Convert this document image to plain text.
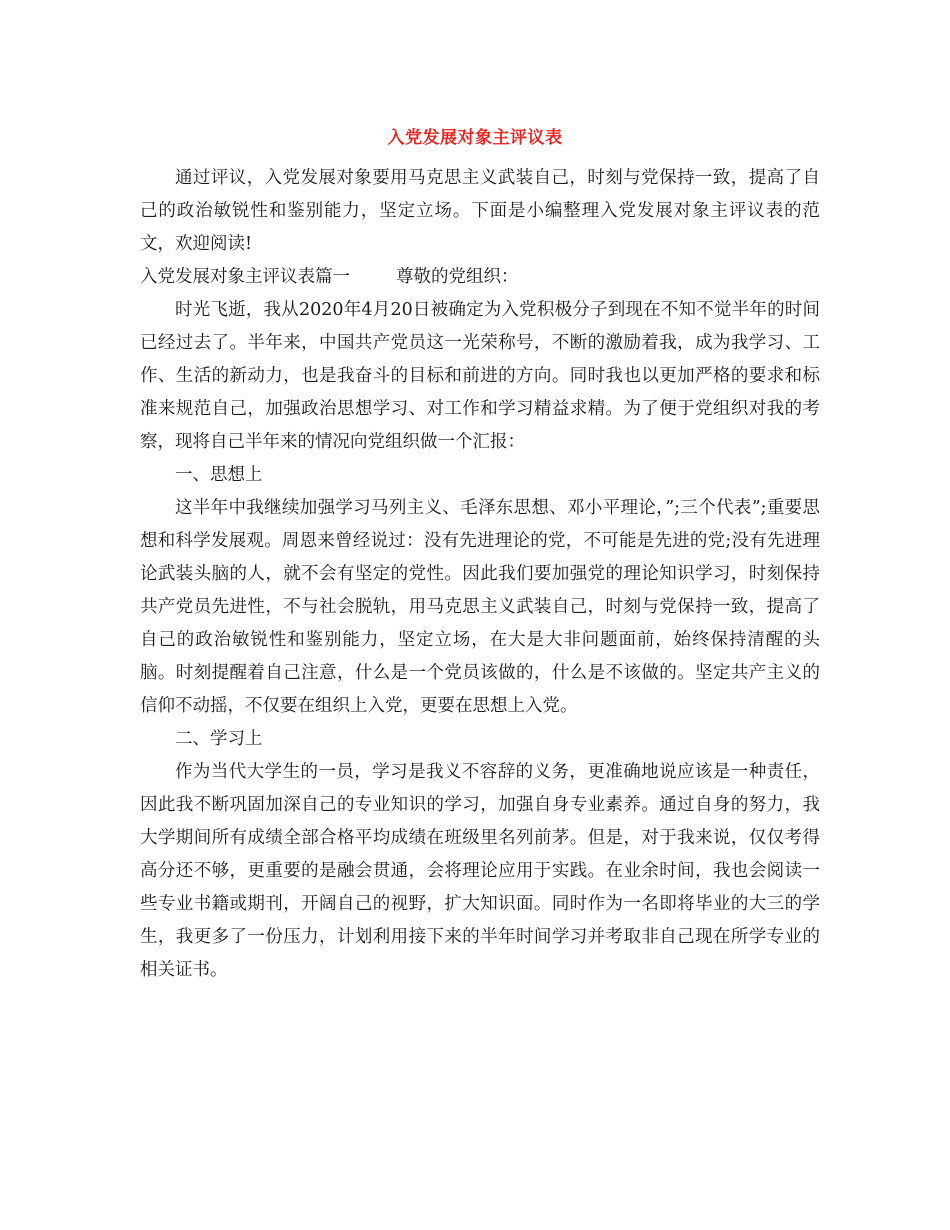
入党发展对象主评议表

通过评议，入党发展对象要用马克思主义武装自己，时刻与党保持一致，提高了自己的政治敏锐性和鉴别能力，坚定立场。下面是小编整理入党发展对象主评议表的范文，欢迎阅读!

入党发展对象主评议表篇一	尊敬的党组织：

时光飞逝，我从2020年4月20日被确定为入党积极分子到现在不知不觉半年的时间已经过去了。半年来，中国共产党员这一光荣称号，不断的激励着我，成为我学习、工作、生活的新动力，也是我奋斗的目标和前进的方向。同时我也以更加严格的要求和标准来规范自己，加强政治思想学习、对工作和学习精益求精。为了便于党组织对我的考察，现将自己半年来的情况向党组织做一个汇报：

一、思想上

这半年中我继续加强学习马列主义、毛泽东思想、邓小平理论，”;三个代表”;重要思想和科学发展观。周恩来曾经说过：没有先进理论的党，不可能是先进的党;没有先进理论武装头脑的人，就不会有坚定的党性。因此我们要加强党的理论知识学习，时刻保持共产党员先进性，不与社会脱轨，用马克思主义武装自己，时刻与党保持一致，提高了自己的政治敏锐性和鉴别能力，坚定立场，在大是大非问题面前，始终保持清醒的头脑。时刻提醒着自己注意，什么是一个党员该做的，什么是不该做的。坚定共产主义的信仰不动摇，不仅要在组织上入党，更要在思想上入党。

二、学习上

作为当代大学生的一员，学习是我义不容辞的义务，更准确地说应该是一种责任，因此我不断巩固加深自己的专业知识的学习，加强自身专业素养。通过自身的努力，我大学期间所有成绩全部合格平均成绩在班级里名列前茅。但是，对于我来说，仅仅考得高分还不够，更重要的是融会贯通，会将理论应用于实践。在业余时间，我也会阅读一些专业书籍或期刊，开阔自己的视野，扩大知识面。同时作为一名即将毕业的大三的学生，我更多了一份压力，计划利用接下来的半年时间学习并考取非自己现在所学专业的相关证书。
